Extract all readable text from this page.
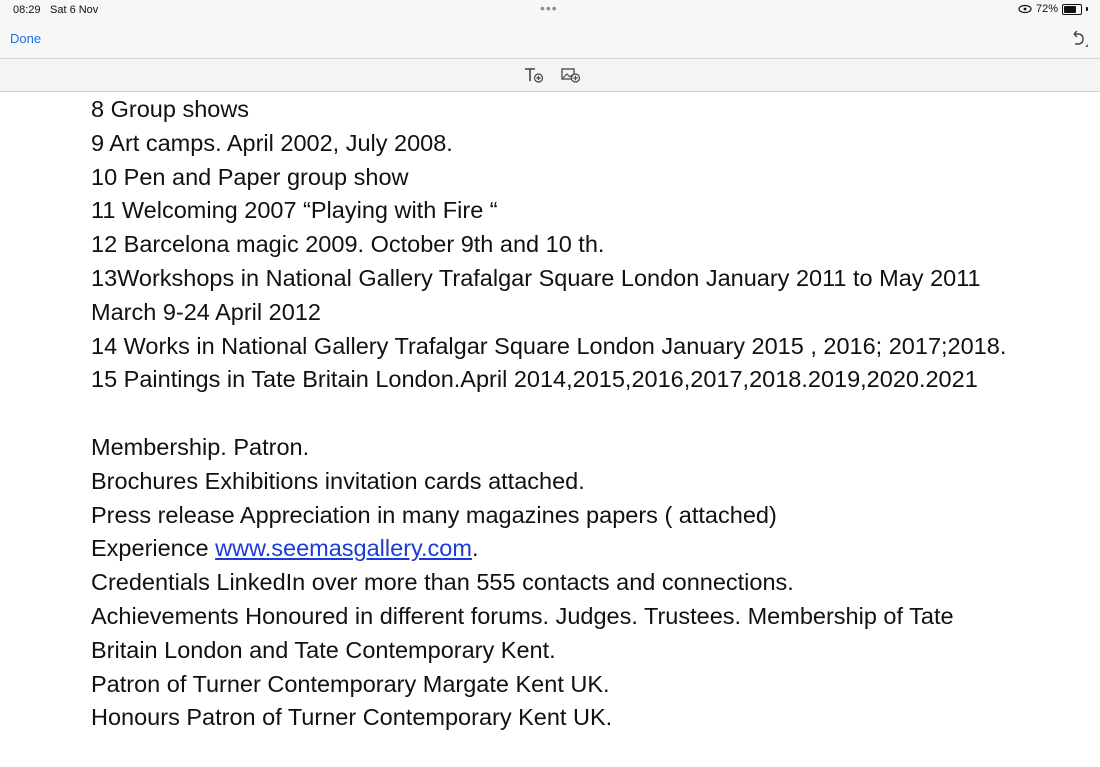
08:29 Sat 6 Nov	•••	72%
Done
8 Group shows
9 Art camps. April 2002, July 2008.
10 Pen and Paper group show
11 Welcoming 2007 “Playing with Fire “
12 Barcelona magic 2009. October 9th and 10 th.
13Workshops in National Gallery Trafalgar Square London January 2011 to May 2011
March 9-24 April 2012
14 Works in National Gallery Trafalgar Square London January 2015 , 2016; 2017;2018.
15 Paintings in Tate Britain London.April 2014,2015,2016,2017,2018.2019,2020.2021
Membership. Patron.
Brochures Exhibitions invitation cards attached.
Press release Appreciation in many magazines papers ( attached)
Experience www.seemasgallery.com.
Credentials LinkedIn over more than 555 contacts and connections.
Achievements Honoured in different forums. Judges. Trustees. Membership of Tate
Britain London and Tate Contemporary Kent.
Patron of Turner Contemporary Margate Kent UK.
Honours Patron of Turner Contemporary Kent UK.
